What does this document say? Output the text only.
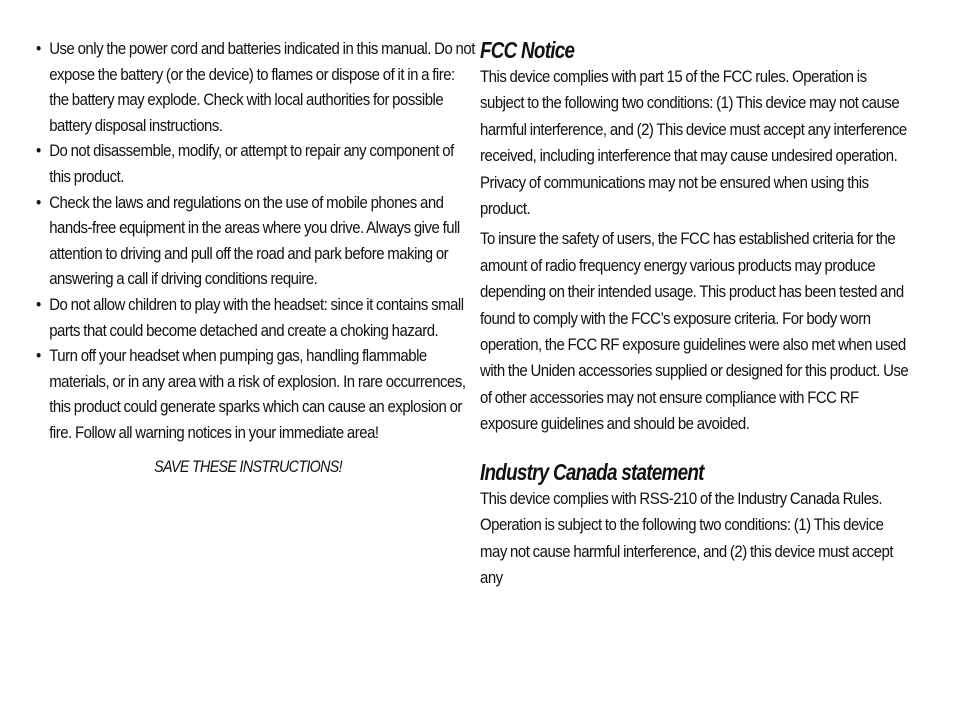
• Use only the power cord and batteries indicated in this manual. Do not expose the battery (or the device) to flames or dispose of it in a fire: the battery may explode. Check with local authorities for possible battery disposal instructions.
• Do not disassemble, modify, or attempt to repair any component of this product.
• Check the laws and regulations on the use of mobile phones and hands-free equipment in the areas where you drive. Always give full attention to driving and pull off the road and park before making or answering a call if driving conditions require.
• Do not allow children to play with the headset: since it contains small parts that could become detached and create a choking hazard.
• Turn off your headset when pumping gas, handling flammable materials, or in any area with a risk of explosion. In rare occurrences, this product could generate sparks which can cause an explosion or fire. Follow all warning notices in your immediate area!
SAVE THESE INSTRUCTIONS!
FCC Notice

This device complies with part 15 of the FCC rules. Operation is subject to the following two conditions: (1) This device may not cause harmful interference, and (2) This device must accept any interference received, including interference that may cause undesired operation. Privacy of communications may not be ensured when using this product.

To insure the safety of users, the FCC has established criteria for the amount of radio frequency energy various products may produce depending on their intended usage. This product has been tested and found to comply with the FCC’s exposure criteria. For body worn operation, the FCC RF exposure guidelines were also met when used with the Uniden accessories supplied or designed for this product. Use of other accessories may not ensure compliance with FCC RF exposure guidelines and should be avoided.

Industry Canada statement

This device complies with RSS-210 of the Industry Canada Rules. Operation is subject to the following two conditions: (1) This device may not cause harmful interference, and (2) this device must accept any
